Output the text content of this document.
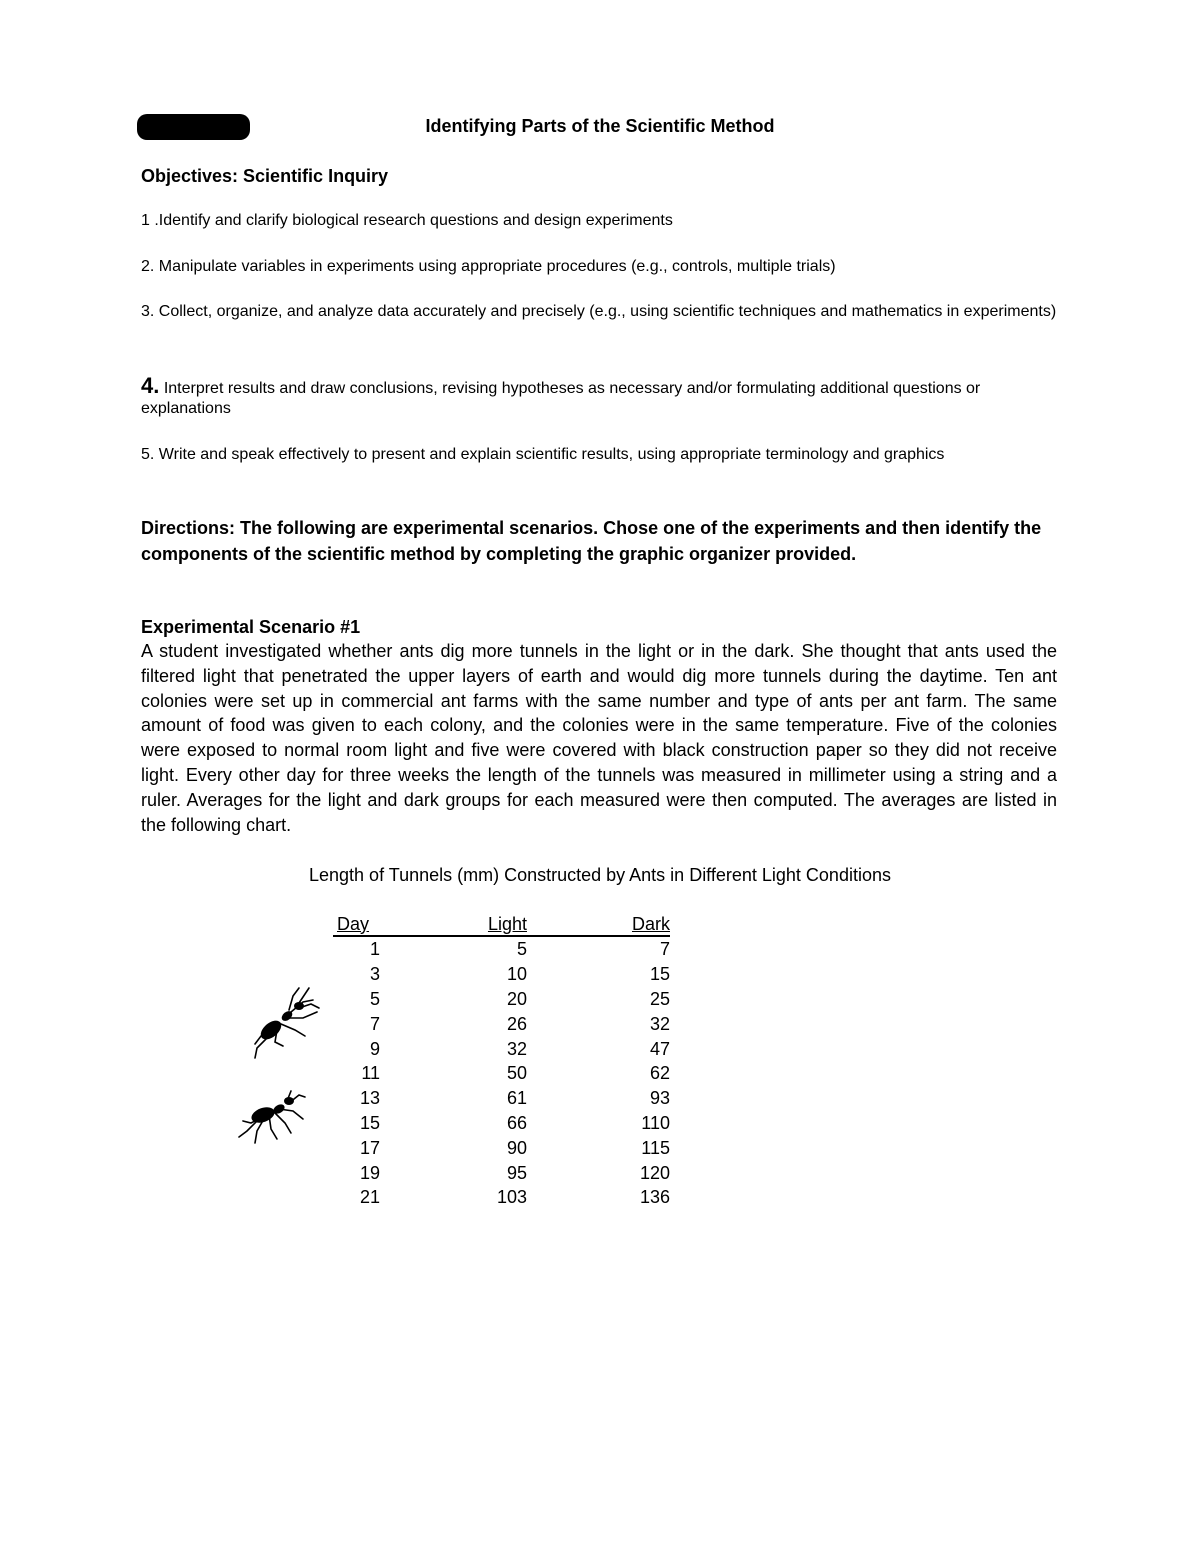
Identifying Parts of the Scientific Method
Objectives: Scientific Inquiry
1 .Identify and clarify biological research questions and design experiments
2. Manipulate variables in experiments using appropriate procedures (e.g., controls, multiple trials)
3. Collect, organize, and analyze data accurately and precisely (e.g., using scientific techniques and mathematics in experiments)
4. Interpret results and draw conclusions, revising hypotheses as necessary and/or formulating additional questions or explanations
5. Write and speak effectively to present and explain scientific results, using appropriate terminology and graphics
Directions: The following are experimental scenarios. Chose one of the experiments and then identify the components of the scientific method by completing the graphic organizer provided.
Experimental Scenario #1
A student investigated whether ants dig more tunnels in the light or in the dark. She thought that ants used the filtered light that penetrated the upper layers of earth and would dig more tunnels during the daytime. Ten ant colonies were set up in commercial ant farms with the same number and type of ants per ant farm. The same amount of food was given to each colony, and the colonies were in the same temperature. Five of the colonies were exposed to normal room light and five were covered with black construction paper so they did not receive light. Every other day for three weeks the length of the tunnels was measured in millimeter using a string and a ruler. Averages for the light and dark groups for each measured were then computed. The averages are listed in the following chart.
Length of Tunnels (mm) Constructed by Ants in Different Light Conditions
Day	Light	Dark
1	5	7
3	10	15
5	20	25
7	26	32
9	32	47
11	50	62
13	61	93
15	66	110
17	90	115
19	95	120
21	103	136
